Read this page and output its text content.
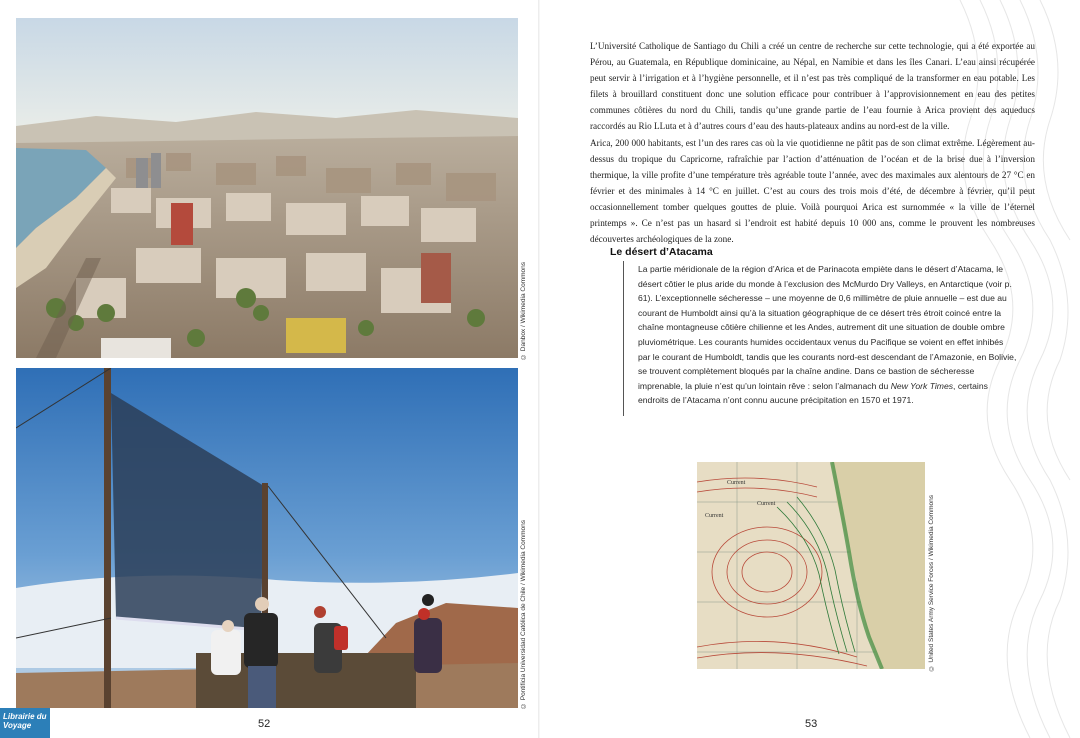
© Danbox / Wikimedia Commons
© Pontificia Universidad Católica de Chile / Wikimedia Commons
52
Librairie du Voyage

L’Université Catholique de Santiago du Chili a créé un centre de recherche sur cette technologie, qui a été exportée au Pérou, au Guatemala, en République dominicaine, au Népal, en Namibie et dans les îles Canari. L’eau ainsi récupérée peut servir à l’irrigation et à l’hygiène personnelle, et il n’est pas très compliqué de la transformer en eau potable. Les filets à brouillard constituent donc une solution efficace pour contribuer à l’approvisionnement en eau des petites communes côtières du nord du Chili, tandis qu’une grande partie de l’eau fournie à Arica provient des aqueducs raccordés au Rio LLuta et à d’autres cours d’eau des hauts-plateaux andins au nord-est de la ville.

Arica, 200 000 habitants, est l’un des rares cas où la vie quotidienne ne pâtit pas de son climat extrême. Légèrement au-dessus du tropique du Capricorne, rafraîchie par l’action d’atténuation de l’océan et de la brise due à l’inversion thermique, la ville profite d’une température très agréable toute l’année, avec des maximales aux alentours de 27 °C en février et des minimales à 14 °C en juillet. C’est au cours des trois mois d’été, de décembre à février, qu’il peut occasionnellement tomber quelques gouttes de pluie. Voilà pourquoi Arica est surnommée « la ville de l’éternel printemps ». Ce n’est pas un hasard si l’endroit est habité depuis 10 000 ans, comme le prouvent les nombreuses découvertes archéologiques de la zone.

Le désert d’Atacama

La partie méridionale de la région d’Arica et de Parinacota empiète dans le désert d’Atacama, le désert côtier le plus aride du monde à l’exclusion des McMurdo Dry Valleys, en Antarctique (voir p. 61). L’exceptionnelle sécheresse – une moyenne de 0,6 millimètre de pluie annuelle – est due au courant de Humboldt ainsi qu’à la situation géographique de ce désert très étroit coincé entre la chaîne montagneuse côtière chilienne et les Andes, autrement dit une situation de double ombre pluviométrique. Les courants humides occidentaux venus du Pacifique se voient en effet inhibés par le courant de Humboldt, tandis que les courants nord-est descendant de l’Amazonie, en Bolivie, se trouvent complètement bloqués par la chaîne andine. Dans ce bastion de sécheresse imprenable, la pluie n’est qu’un lointain rêve : selon l’almanach du New York Times, certains endroits de l’Atacama n’ont connu aucune précipitation en 1570 et 1971.

Current
Current
Current	© United States Army Service Forces / Wikimedia Commons
53
